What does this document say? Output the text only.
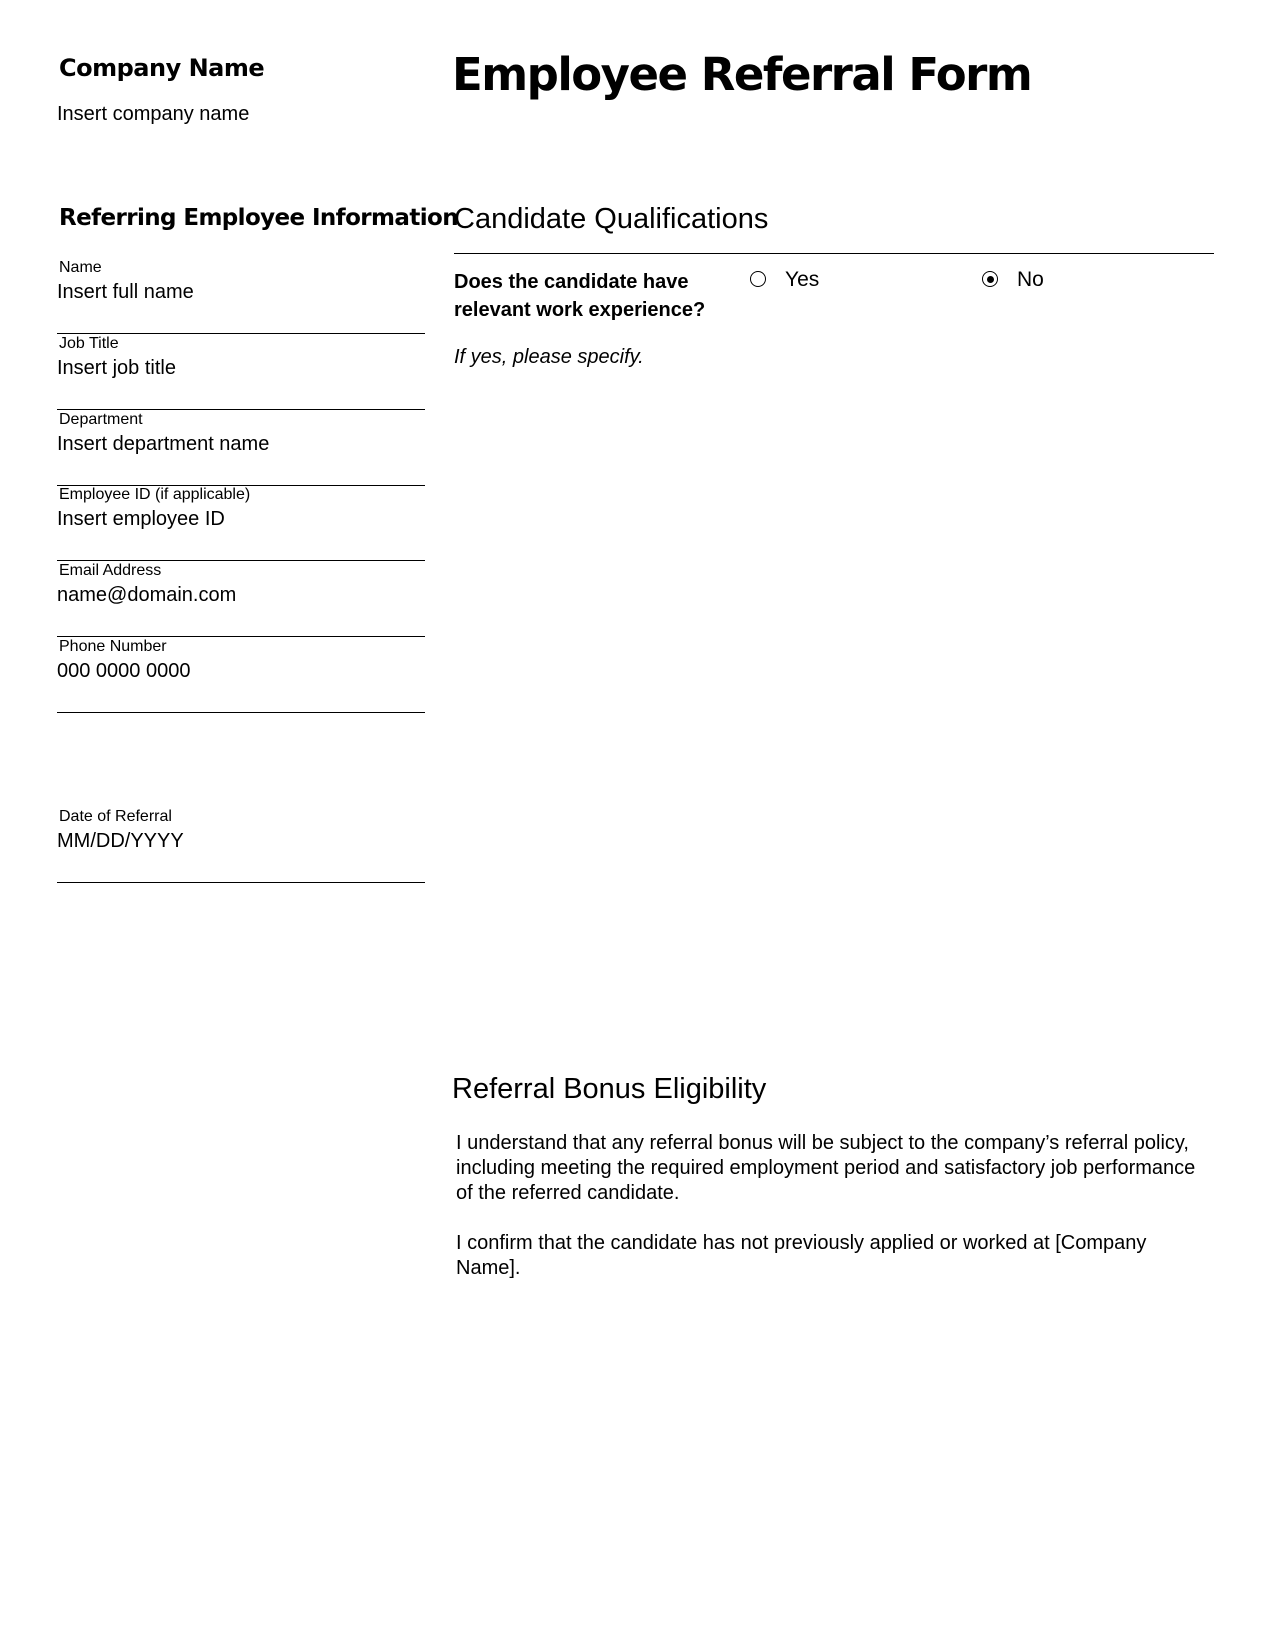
Company Name
Insert company name
Employee Referral Form
Referring Employee Information
Name
Insert full name
Job Title
Insert job title
Department
Insert department name
Employee ID (if applicable)
Insert employee ID
Email Address
name@domain.com
Phone Number
000 0000 0000
Date of Referral
MM/DD/YYYY
Candidate Qualifications
Does the candidate have relevant work experience?
Yes	No
If yes, please specify.
Referral Bonus Eligibility
I understand that any referral bonus will be subject to the company’s referral policy, including meeting the required employment period and satisfactory job performance of the referred candidate.
I confirm that the candidate has not previously applied or worked at [Company Name].
